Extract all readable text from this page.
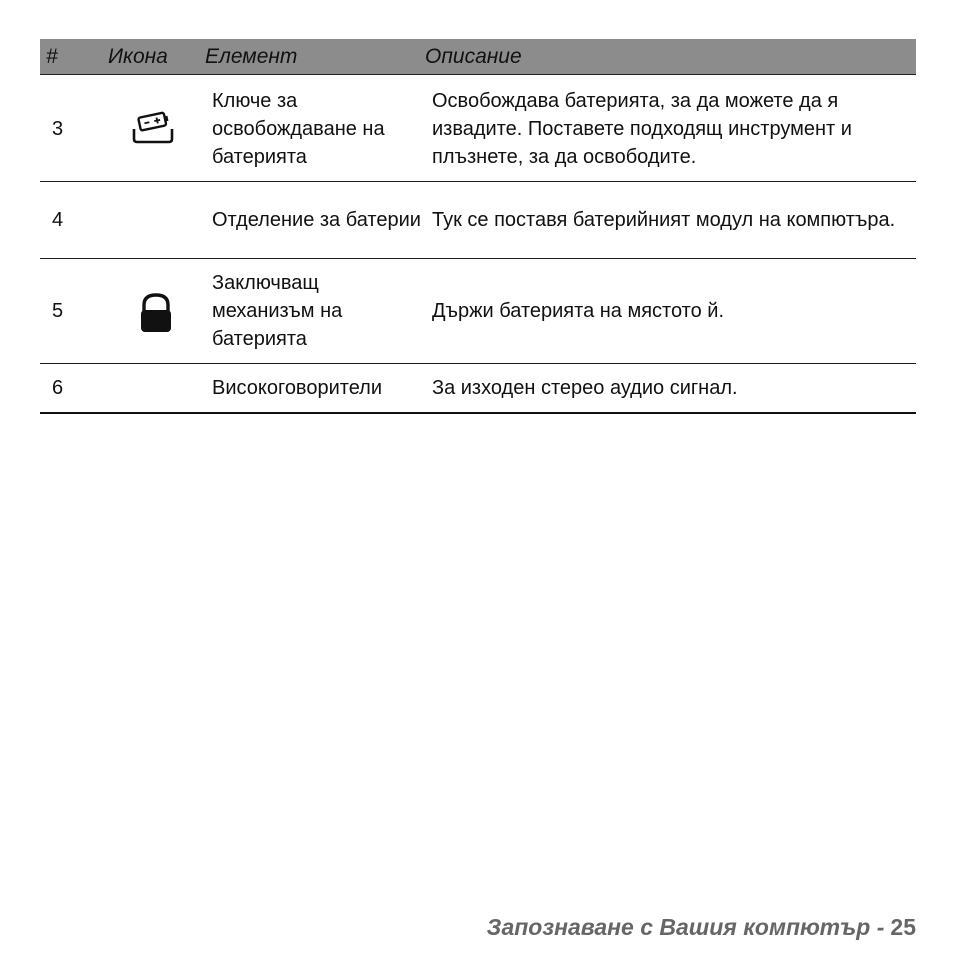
#	Икона	Елемент	Описание
3		Ключе за освобождаване на батерията	Освобождава батерията, за да можете да я извадите. Поставете подходящ инструмент и плъзнете, за да освободите.
4		Отделение за батерии	Тук се поставя батерийният модул на компютъра.
5		Заключващ механизъм на батерията	Държи батерията на мястото й.
6		Високоговорители	За изходен стерео аудио сигнал.
Запознаване с Вашия компютър - 25
